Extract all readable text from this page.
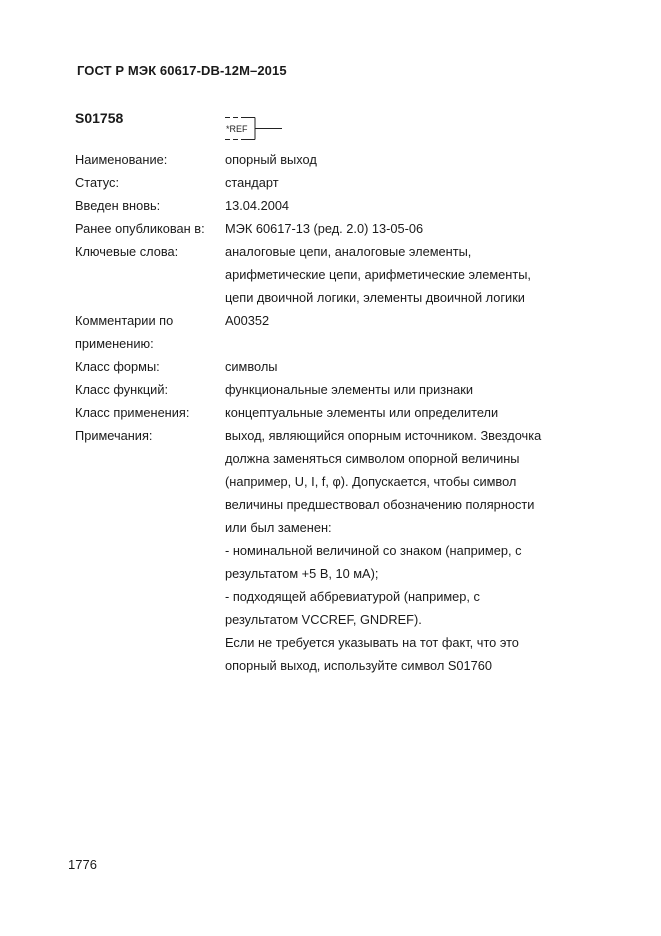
ГОСТ Р МЭК 60617-DB-12M–2015
S01758
*REF
Наименование:	опорный выход
Статус:	стандарт
Введен вновь:	13.04.2004
Ранее опубликован в:	МЭК 60617-13 (ред. 2.0) 13-05-06
Ключевые слова:	аналоговые цепи, аналоговые элементы,
арифметические цепи, арифметические элементы,
цепи двоичной логики, элементы двоичной логики
Комментарии по применению:
A00352
Класс формы:	символы
Класс функций:	функциональные элементы или признаки
Класс применения:	концептуальные элементы или определители
Примечания:	выход, являющийся опорным источником. Звездочка
должна заменяться символом опорной величины
(например, U, I, f, φ). Допускается, чтобы символ
величины предшествовал обозначению полярности
или был заменен:
- номинальной величиной со знаком (например, с
результатом +5 В, 10 мА);
- подходящей аббревиатурой (например, с
результатом VCCREF, GNDREF).
Если не требуется указывать на тот факт, что это
опорный выход, используйте символ S01760
1776
